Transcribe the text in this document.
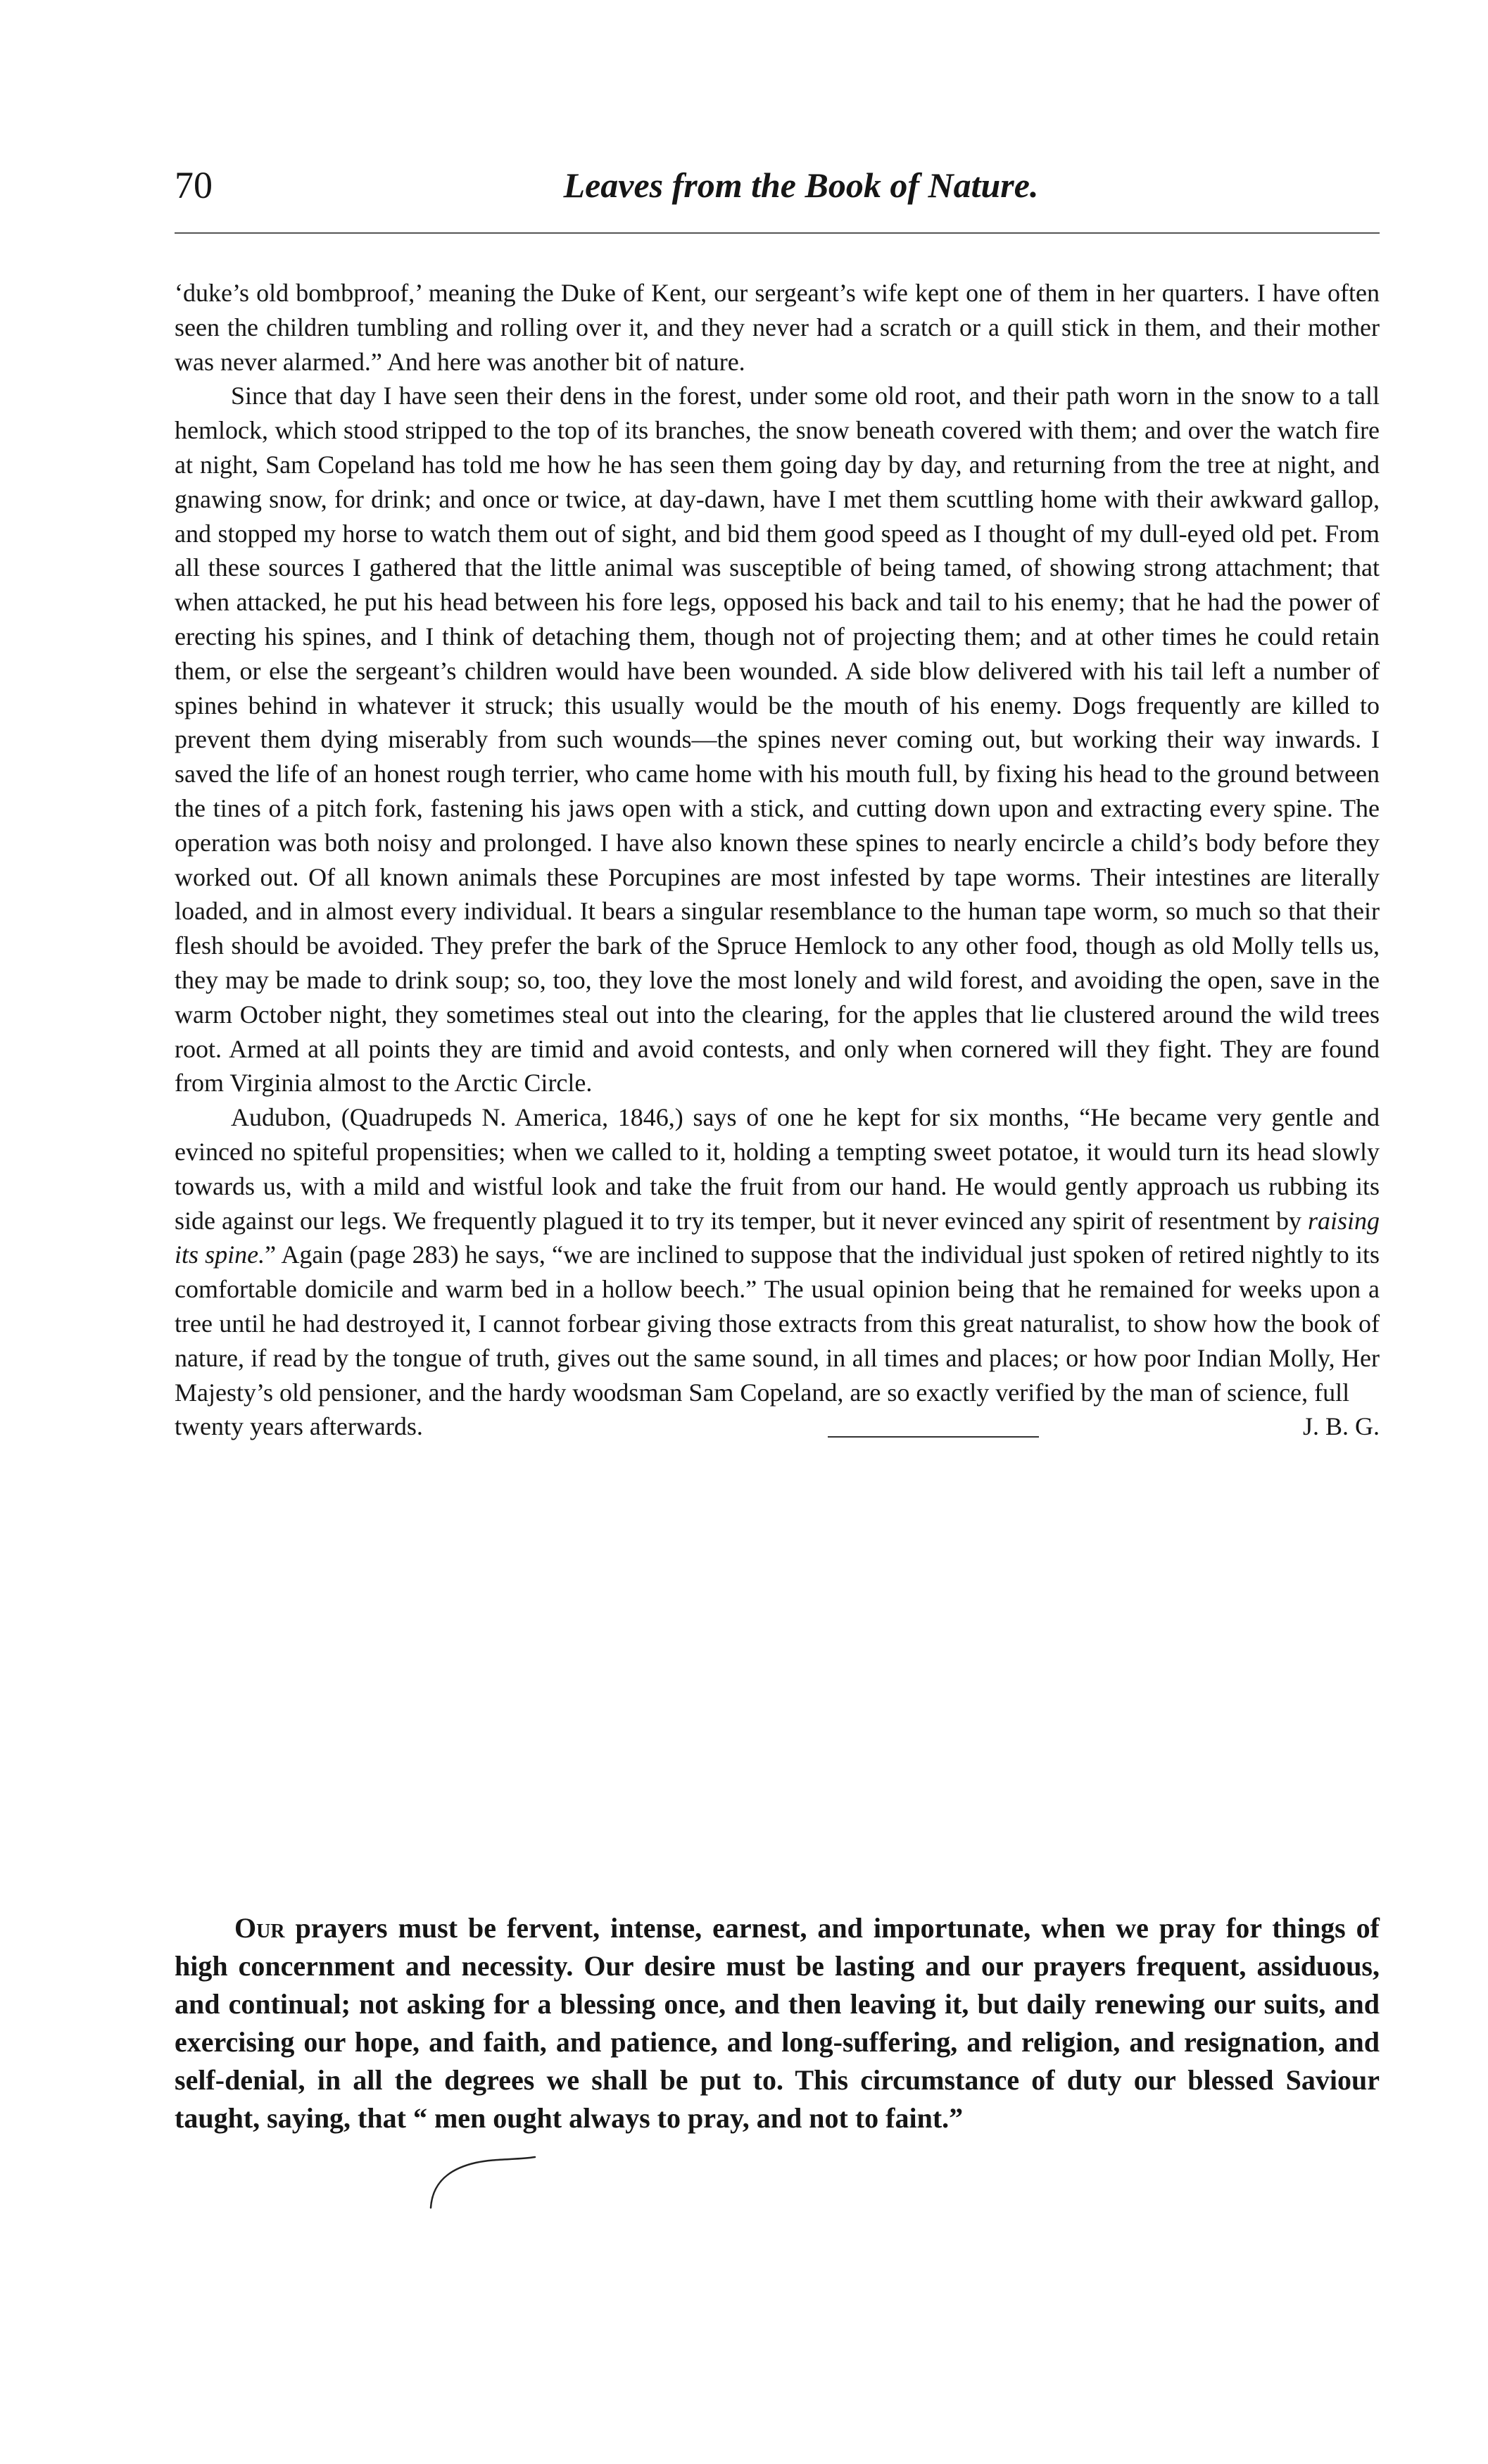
70	Leaves from the Book of Nature.

‘duke’s old bombproof,’ meaning the Duke of Kent, our sergeant’s wife kept one of them in her quarters. I have often seen the children tumbling and rolling over it, and they never had a scratch or a quill stick in them, and their mother was never alarmed.” And here was another bit of nature.

Since that day I have seen their dens in the forest, under some old root, and their path worn in the snow to a tall hemlock, which stood stripped to the top of its branches, the snow beneath covered with them; and over the watch fire at night, Sam Copeland has told me how he has seen them going day by day, and returning from the tree at night, and gnawing snow, for drink; and once or twice, at day-dawn, have I met them scuttling home with their awkward gallop, and stopped my horse to watch them out of sight, and bid them good speed as I thought of my dull-eyed old pet. From all these sources I gathered that the little animal was susceptible of being tamed, of showing strong attachment; that when attacked, he put his head between his fore legs, opposed his back and tail to his enemy; that he had the power of erecting his spines, and I think of detaching them, though not of projecting them; and at other times he could retain them, or else the sergeant’s children would have been wounded. A side blow delivered with his tail left a number of spines behind in whatever it struck; this usually would be the mouth of his enemy. Dogs frequently are killed to prevent them dying miserably from such wounds—the spines never coming out, but working their way inwards. I saved the life of an honest rough terrier, who came home with his mouth full, by fixing his head to the ground between the tines of a pitch fork, fastening his jaws open with a stick, and cutting down upon and extracting every spine. The operation was both noisy and prolonged. I have also known these spines to nearly encircle a child’s body before they worked out. Of all known animals these Porcupines are most infested by tape worms. Their intestines are literally loaded, and in almost every individual. It bears a singular resemblance to the human tape worm, so much so that their flesh should be avoided. They prefer the bark of the Spruce Hemlock to any other food, though as old Molly tells us, they may be made to drink soup; so, too, they love the most lonely and wild forest, and avoiding the open, save in the warm October night, they sometimes steal out into the clearing, for the apples that lie clustered around the wild trees root. Armed at all points they are timid and avoid contests, and only when cornered will they fight. They are found from Virginia almost to the Arctic Circle.

Audubon, (Quadrupeds N. America, 1846,) says of one he kept for six months, “He became very gentle and evinced no spiteful propensities; when we called to it, holding a tempting sweet potatoe, it would turn its head slowly towards us, with a mild and wistful look and take the fruit from our hand. He would gently approach us rubbing its side against our legs. We frequently plagued it to try its temper, but it never evinced any spirit of resentment by raising its spine.” Again (page 283) he says, “we are inclined to suppose that the individual just spoken of retired nightly to its comfortable domicile and warm bed in a hollow beech.” The usual opinion being that he remained for weeks upon a tree until he had destroyed it, I cannot forbear giving those extracts from this great naturalist, to show how the book of nature, if read by the tongue of truth, gives out the same sound, in all times and places; or how poor Indian Molly, Her Majesty’s old pensioner, and the hardy woodsman Sam Copeland, are so exactly verified by the man of science, full

twenty years afterwards.	J. B. G.

Our prayers must be fervent, intense, earnest, and importunate, when we pray for things of high concernment and necessity. Our desire must be lasting and our prayers frequent, assiduous, and continual; not asking for a blessing once, and then leaving it, but daily renewing our suits, and exercising our hope, and faith, and patience, and long-suffering, and religion, and resignation, and self-denial, in all the degrees we shall be put to. This circumstance of duty our blessed Saviour taught, saying, that “ men ought always to pray, and not to faint.”
